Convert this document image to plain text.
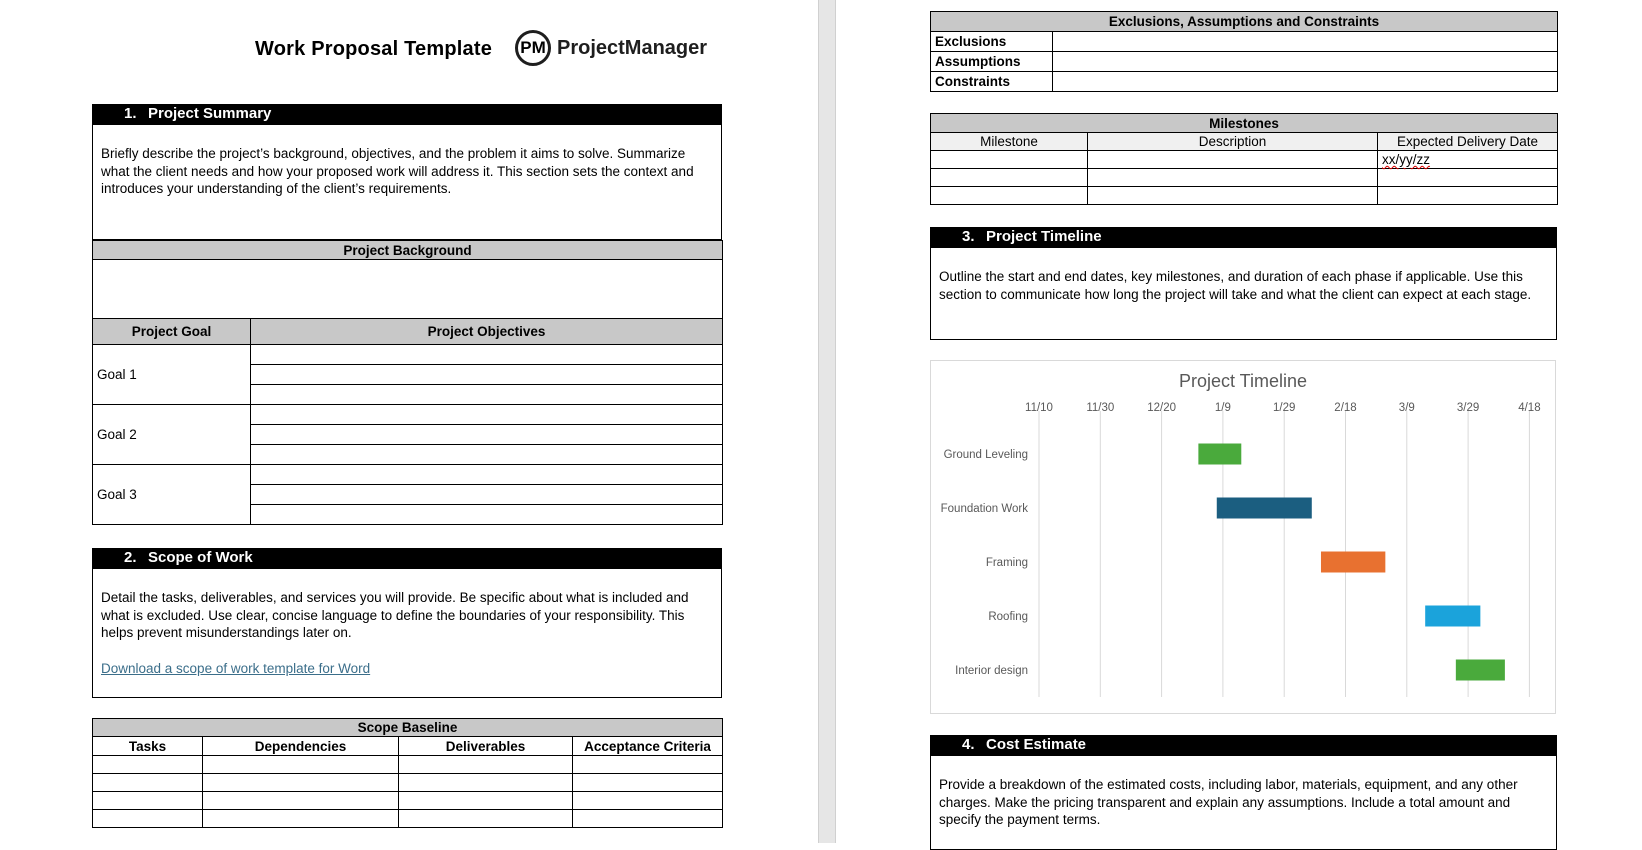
Work Proposal Template	PM ProjectManager
1. Project Summary
Briefly describe the project’s background, objectives, and the problem it aims to solve. Summarize what the client needs and how your proposed work will address it. This section sets the context and introduces your understanding of the client’s requirements.
Project Background	

Project Goal	Project Objectives
Goal 1	

Goal 2	

Goal 3	

2. Scope of Work
Detail the tasks, deliverables, and services you will provide. Be specific about what is included and what is excluded. Use clear, concise language to define the boundaries of your responsibility. This helps prevent misunderstandings later on.
Download a scope of work template for Word
Scope Baseline			
Tasks	Dependencies	Deliverables	Acceptance Criteria

Exclusions, Assumptions and Constraints	
Exclusions	
Assumptions	
Constraints	
Milestones		
Milestone	Description	Expected Delivery Date
		xx/yy/zz

3. Project Timeline
Outline the start and end dates, key milestones, and duration of each phase if applicable. Use this section to communicate how long the project will take and what the client can expect at each stage.
Project Timeline
11/10	11/30	12/20	1/9	1/29	2/18	3/9	3/29	4/18
Ground Leveling
Foundation Work
Framing
Roofing
Interior design
4. Cost Estimate
Provide a breakdown of the estimated costs, including labor, materials, equipment, and any other charges. Make the pricing transparent and explain any assumptions. Include a total amount and specify the payment terms.
